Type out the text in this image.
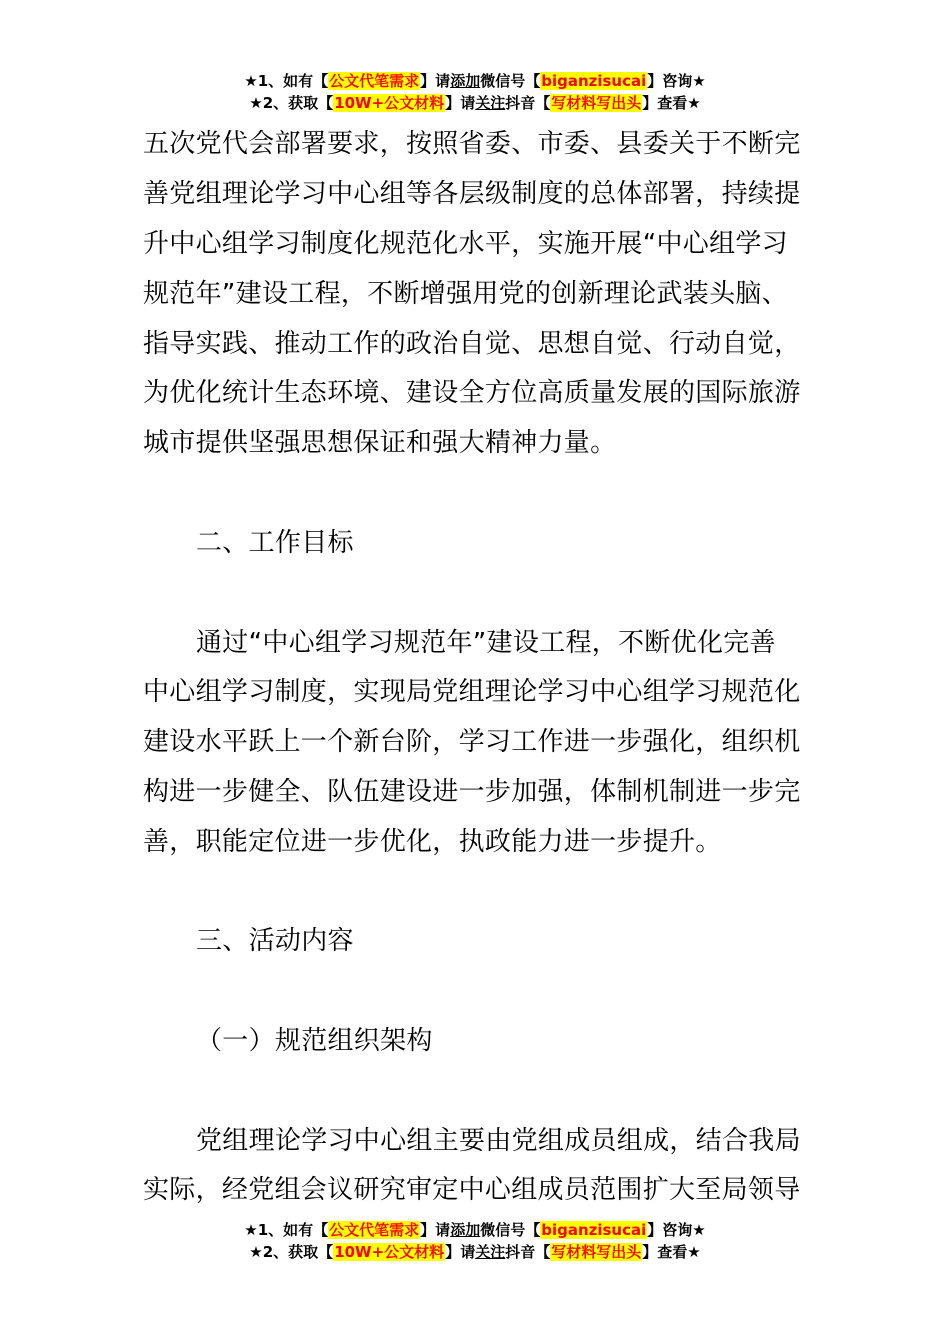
★1、如有【公文代笔需求】请添加微信号【biganzisucai】咨询★
★2、获取【10W+公文材料】请关注抖音【写材料写出头】查看★
五次党代会部署要求，按照省委、市委、县委关于不断完
善党组理论学习中心组等各层级制度的总体部署，持续提
升中心组学习制度化规范化水平，实施开展“中心组学习
规范年”建设工程，不断增强用党的创新理论武装头脑、
指导实践、推动工作的政治自觉、思想自觉、行动自觉，
为优化统计生态环境、建设全方位高质量发展的国际旅游
城市提供坚强思想保证和强大精神力量。
二、工作目标
通过“中心组学习规范年”建设工程，不断优化完善
中心组学习制度，实现局党组理论学习中心组学习规范化
建设水平跃上一个新台阶，学习工作进一步强化，组织机
构进一步健全、队伍建设进一步加强，体制机制进一步完
善，职能定位进一步优化，执政能力进一步提升。
三、活动内容
（一）规范组织架构
党组理论学习中心组主要由党组成员组成，结合我局
实际，经党组会议研究审定中心组成员范围扩大至局领导
★1、如有【公文代笔需求】请添加微信号【biganzisucai】咨询★
★2、获取【10W+公文材料】请关注抖音【写材料写出头】查看★
